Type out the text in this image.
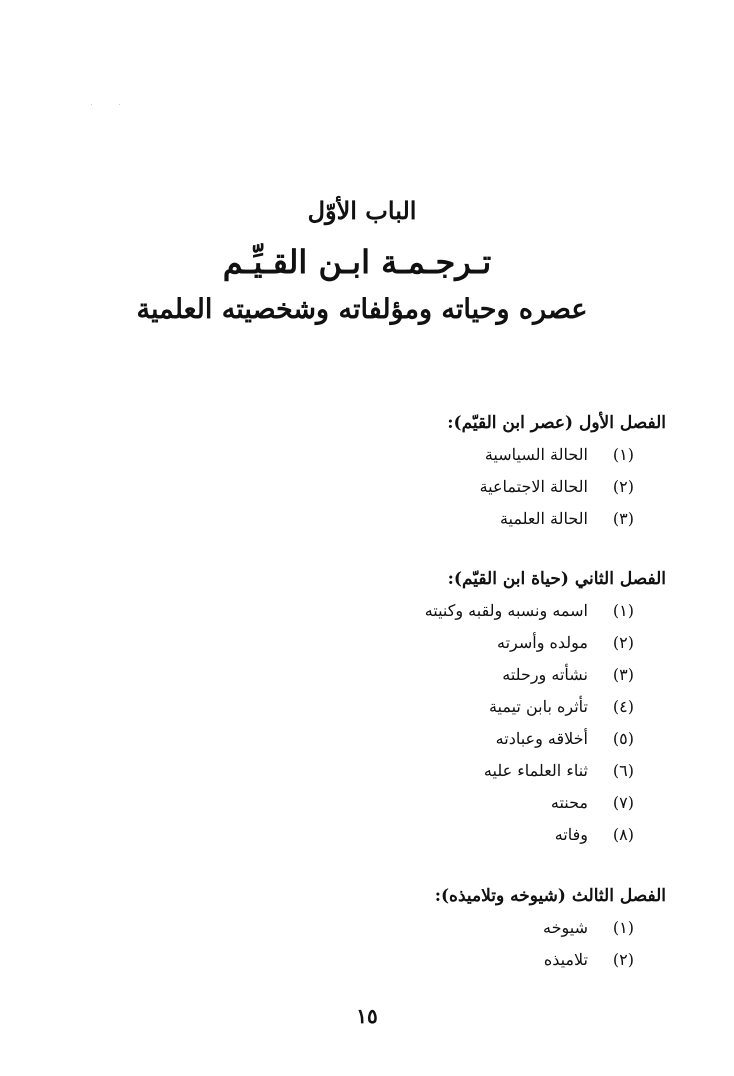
الباب الأوّل
تـرجـمـة ابـن القـيِّـم
عصره وحياته ومؤلفاته وشخصيته العلمية
الفصل الأول (عصر ابن القيّم):
(١)
الحالة السياسية
(٢)
الحالة الاجتماعية
(٣)
الحالة العلمية
الفصل الثاني (حياة ابن القيّم):
(١)
اسمه ونسبه ولقبه وكنيته
(٢)
مولده وأسرته
(٣)
نشأته ورحلته
(٤)
تأثره بابن تيمية
(٥)
أخلاقه وعبادته
(٦)
ثناء العلماء عليه
(٧)
محنته
(٨)
وفاته
الفصل الثالث (شيوخه وتلاميذه):
(١)
شيوخه
(٢)
تلاميذه
١٥
